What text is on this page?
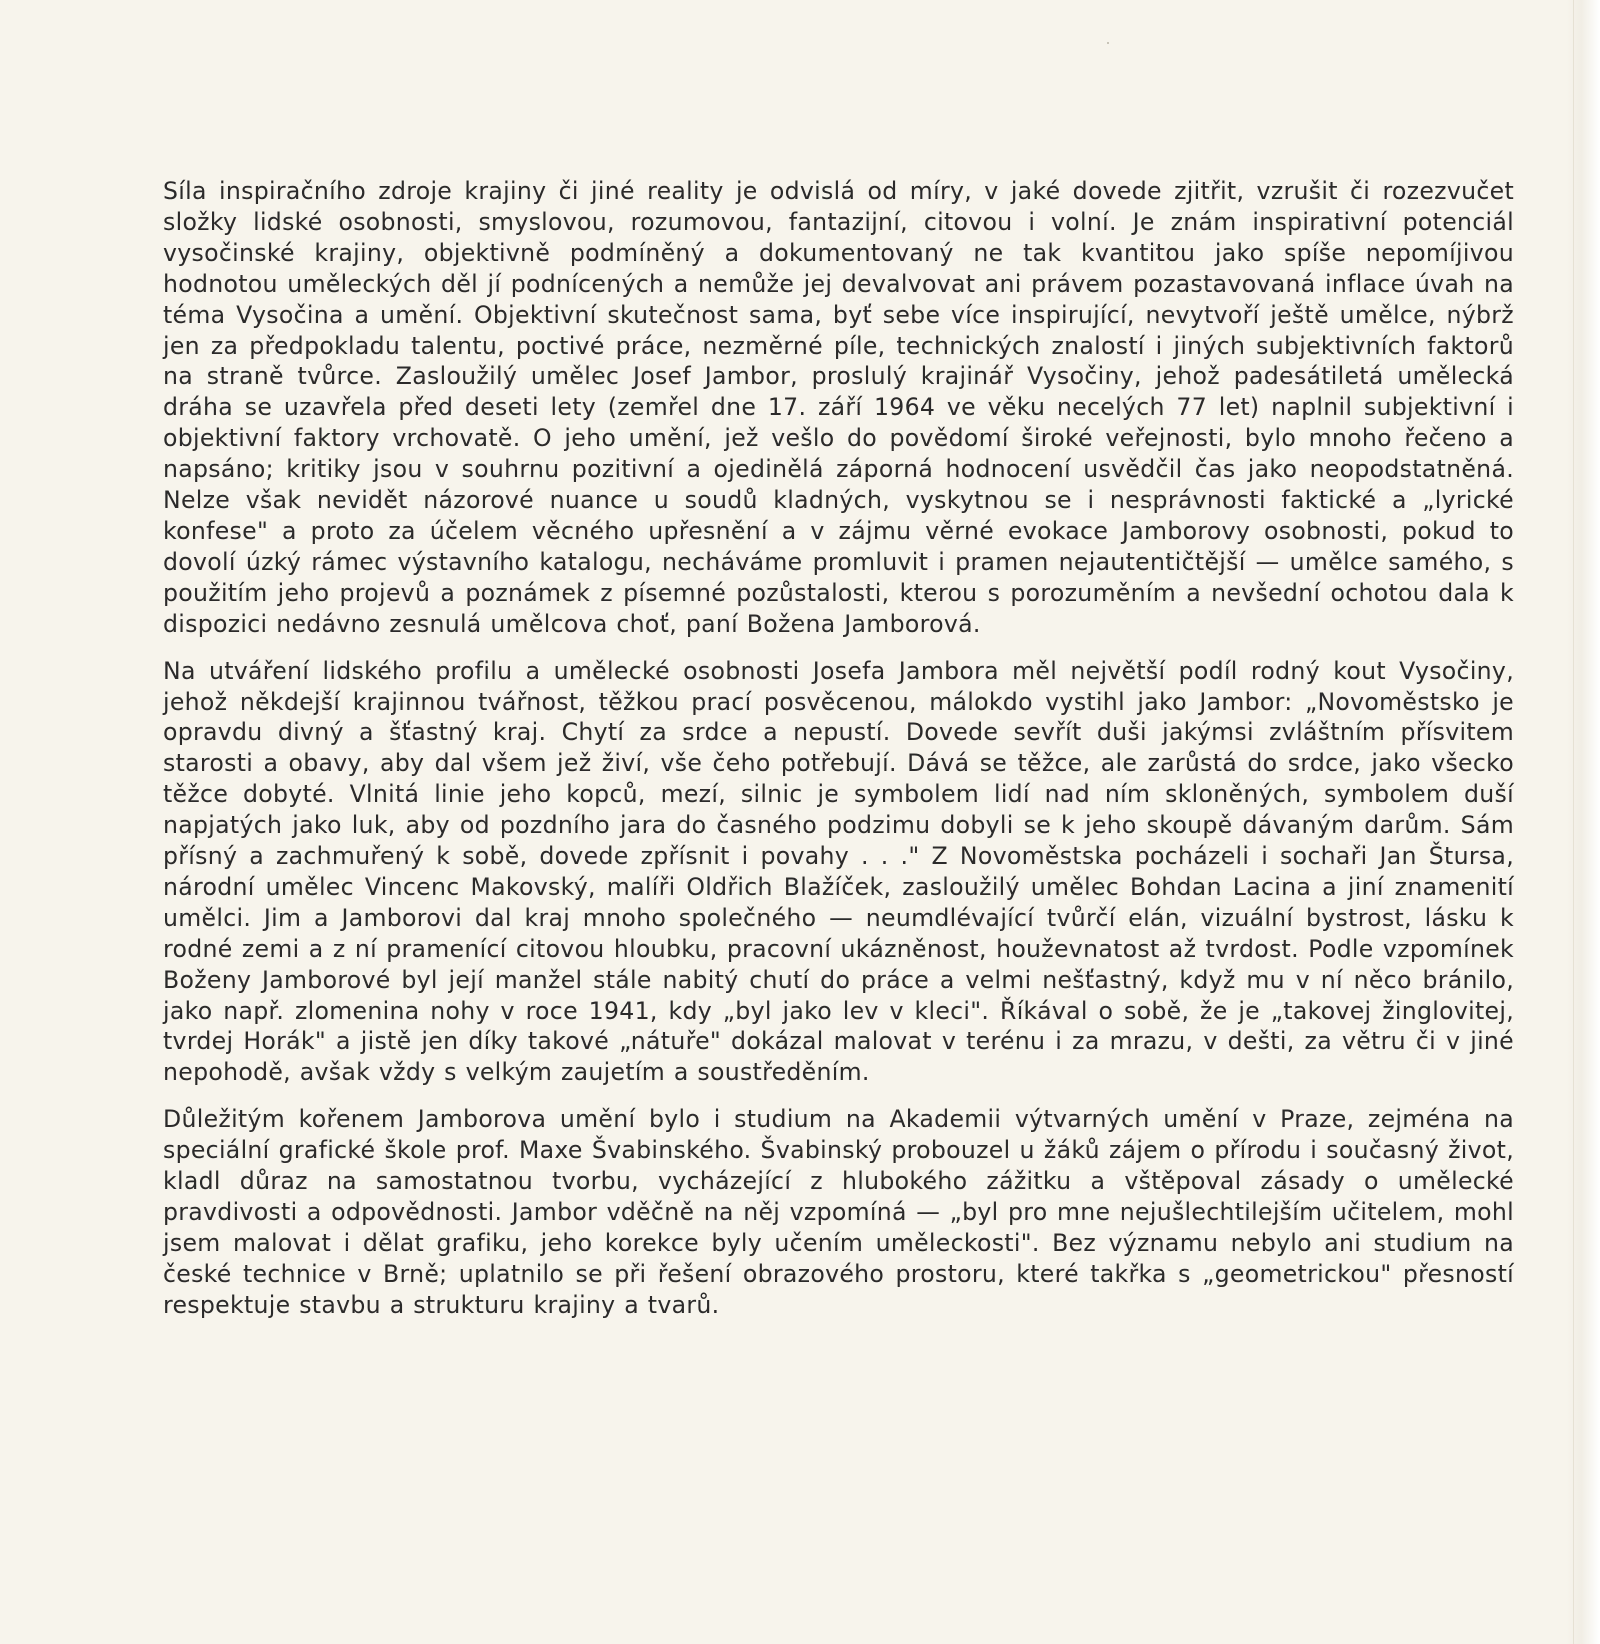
Síla inspiračního zdroje krajiny či jiné reality je odvislá od míry, v jaké dovede zjitřit, vzrušit či rozezvučet složky lidské osobnosti, smyslovou, rozumovou, fantazijní, citovou i volní. Je znám inspirativní potenciál vysočinské krajiny, objektivně podmíněný a dokumentovaný ne tak kvantitou jako spíše nepomíjivou hodnotou uměleckých děl jí podnícených a nemůže jej devalvovat ani právem pozastavovaná inflace úvah na téma Vysočina a umění. Objektivní skutečnost sama, byť sebe více inspirující, nevytvoří ještě umělce, nýbrž jen za předpokladu talentu, poctivé práce, nezměrné píle, technických znalostí i jiných subjektivních faktorů na straně tvůrce. Zasloužilý umělec Josef Jambor, proslulý krajinář Vysočiny, jehož padesátiletá umělecká dráha se uzavřela před deseti lety (zemřel dne 17. září 1964 ve věku necelých 77 let) naplnil subjektivní i objektivní faktory vrchovatě. O jeho umění, jež vešlo do povědomí široké veřejnosti, bylo mnoho řečeno a napsáno; kritiky jsou v souhrnu pozitivní a ojedinělá záporná hodnocení usvědčil čas jako neopodstatněná. Nelze však nevidět názorové nuance u soudů kladných, vyskytnou se i nesprávnosti faktické a „lyrické konfese" a proto za účelem věcného upřesnění a v zájmu věrné evokace Jamborovy osobnosti, pokud to dovolí úzký rámec výstavního katalogu, necháváme promluvit i pramen nejautentičtější — umělce samého, s použitím jeho projevů a poznámek z písemné pozůstalosti, kterou s porozuměním a nevšední ochotou dala k dispozici nedávno zesnulá umělcova choť, paní Božena Jamborová.

Na utváření lidského profilu a umělecké osobnosti Josefa Jambora měl největší podíl rodný kout Vysočiny, jehož někdejší krajinnou tvářnost, těžkou prací posvěcenou, málokdo vystihl jako Jambor: „Novoměstsko je opravdu divný a šťastný kraj. Chytí za srdce a nepustí. Dovede sevřít duši jakýmsi zvláštním přísvitem starosti a obavy, aby dal všem jež živí, vše čeho potřebují. Dává se těžce, ale zarůstá do srdce, jako všecko těžce dobyté. Vlnitá linie jeho kopců, mezí, silnic je symbolem lidí nad ním skloněných, symbolem duší napjatých jako luk, aby od pozdního jara do časného podzimu dobyli se k jeho skoupě dávaným darům. Sám přísný a zachmuřený k sobě, dovede zpřísnit i povahy . . ." Z Novoměstska pocházeli i sochaři Jan Štursa, národní umělec Vincenc Makovský, malíři Oldřich Blažíček, zasloužilý umělec Bohdan Lacina a jiní znamenití umělci. Jim a Jamborovi dal kraj mnoho společného — neumdlévající tvůrčí elán, vizuální bystrost, lásku k rodné zemi a z ní pramenící citovou hloubku, pracovní ukázněnost, houževnatost až tvrdost. Podle vzpomínek Boženy Jamborové byl její manžel stále nabitý chutí do práce a velmi nešťastný, když mu v ní něco bránilo, jako např. zlomenina nohy v roce 1941, kdy „byl jako lev v kleci". Říkával o sobě, že je „takovej žinglovitej, tvrdej Horák" a jistě jen díky takové „nátuře" dokázal malovat v terénu i za mrazu, v dešti, za větru či v jiné nepohodě, avšak vždy s velkým zaujetím a soustředěním.

Důležitým kořenem Jamborova umění bylo i studium na Akademii výtvarných umění v Praze, zejména na speciální grafické škole prof. Maxe Švabinského. Švabinský probouzel u žáků zájem o přírodu i současný život, kladl důraz na samostatnou tvorbu, vycházející z hlubokého zážitku a vštěpoval zásady o umělecké pravdivosti a odpovědnosti. Jambor vděčně na něj vzpomíná — „byl pro mne nejušlechtilejším učitelem, mohl jsem malovat i dělat grafiku, jeho korekce byly učením uměleckosti". Bez významu nebylo ani studium na české technice v Brně; uplatnilo se při řešení obrazového prostoru, které takřka s „geometrickou" přesností respektuje stavbu a strukturu krajiny a tvarů.
